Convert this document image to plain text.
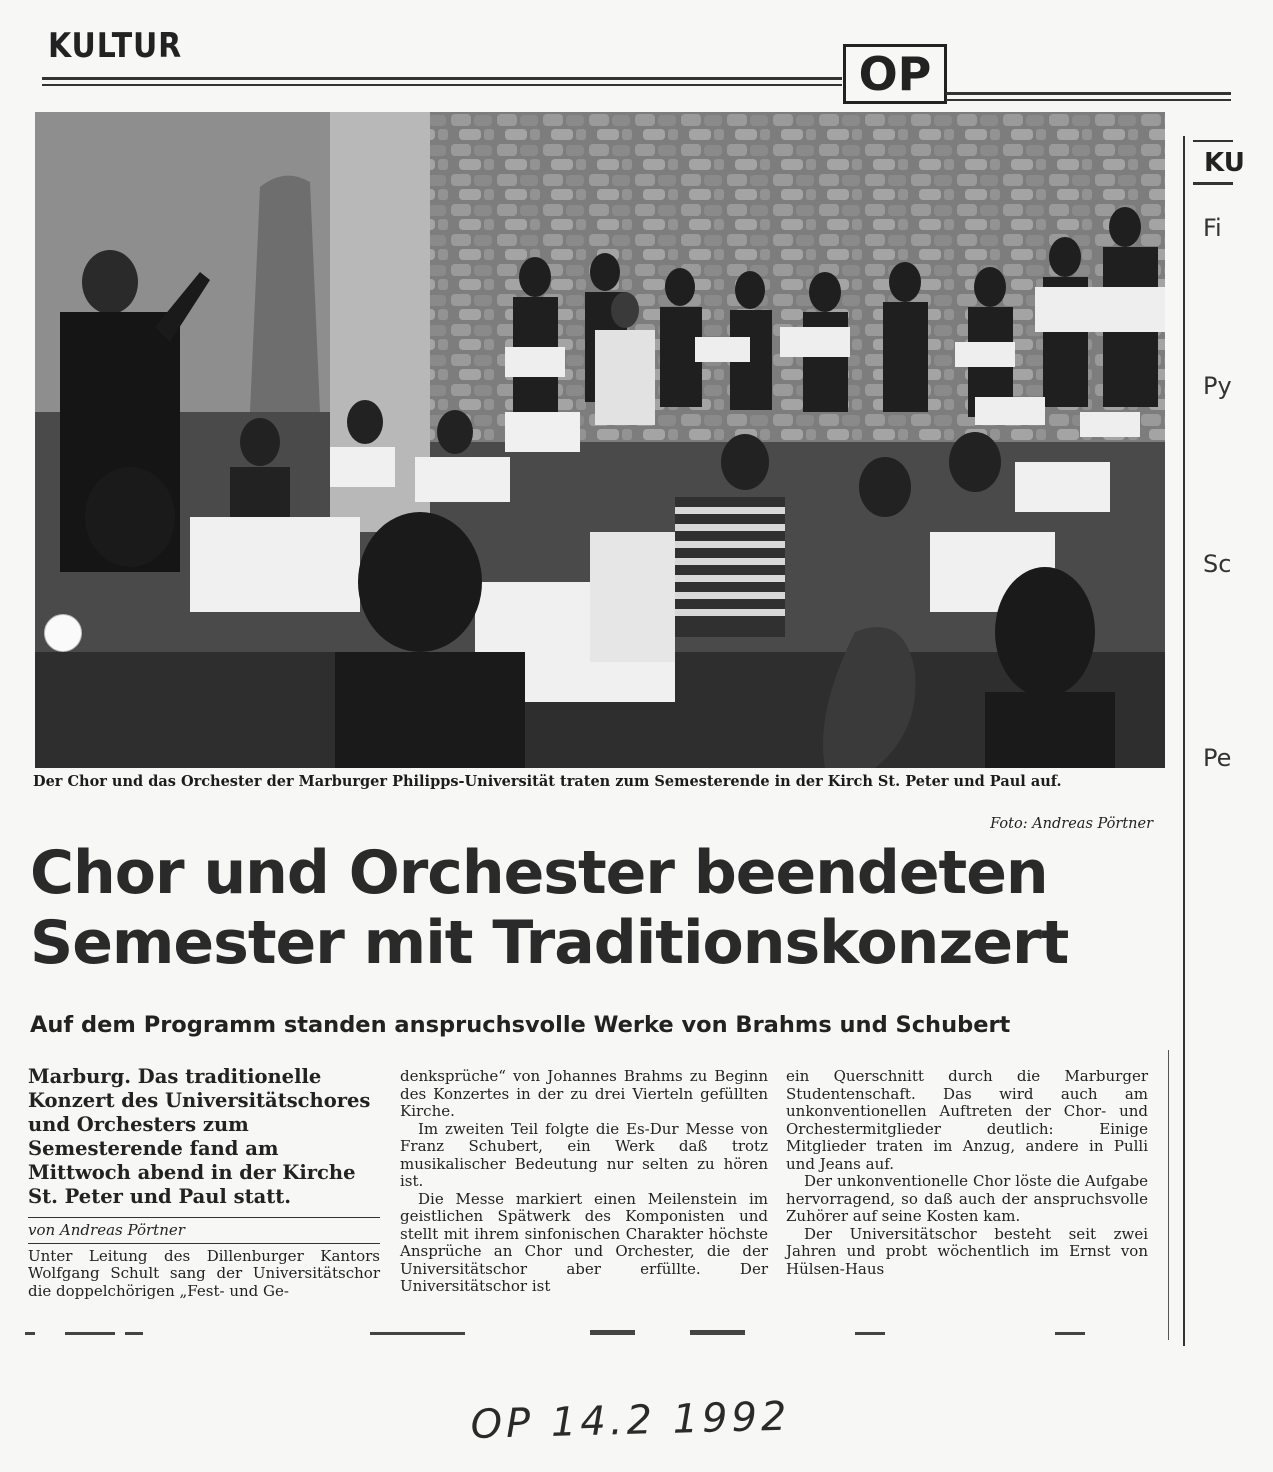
KULTUR
OP
KU
Fi
Py
Sc
Pe
Der Chor und das Orchester der Marburger Philipps-Universität traten zum Semesterende in der Kirch St. Peter und Paul auf.
Foto: Andreas Pörtner
Chor und Orchester beendeten
Semester mit Traditionskonzert
Auf dem Programm standen anspruchsvolle Werke von Brahms und Schubert

Marburg. Das traditionelle Konzert des Universitätschores und Orchesters zum Semesterende fand am Mittwoch abend in der Kirche St. Peter und Paul statt.

von Andreas Pörtner

Unter Leitung des Dillenburger Kantors Wolfgang Schult sang der Universitätschor die doppelchörigen „Fest- und Ge-

denksprüche“ von Johannes Brahms zu Beginn des Konzertes in der zu drei Vierteln gefüllten Kirche.

Im zweiten Teil folgte die Es-Dur Messe von Franz Schubert, ein Werk daß trotz musikalischer Bedeutung nur selten zu hören ist.

Die Messe markiert einen Meilenstein im geistlichen Spätwerk des Komponisten und stellt mit ihrem sinfonischen Charakter höchste Ansprüche an Chor und Orchester, die der Universitätschor aber erfüllte. Der Universitätschor ist

ein Querschnitt durch die Marburger Studentenschaft. Das wird auch am unkonventionellen Auftreten der Chor- und Orchestermitglieder deutlich: Einige Mitglieder traten im Anzug, andere in Pulli und Jeans auf.

Der unkonventionelle Chor löste die Aufgabe hervorragend, so daß auch der anspruchsvolle Zuhörer auf seine Kosten kam.

Der Universitätschor besteht seit zwei Jahren und probt wöchentlich im Ernst von Hülsen-Haus

OP 14.2 1992
